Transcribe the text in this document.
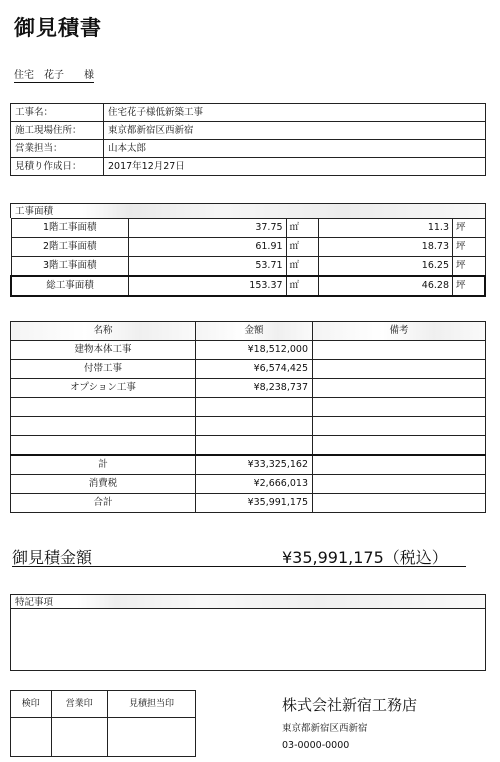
御見積書
住宅　花子　　様
工事名：	住宅花子様低新築工事
施工現場住所：	東京都新宿区西新宿
営業担当：	山本太郎
見積り作成日：	2017年12月27日
工事面積
1階工事面積	37.75	㎡	11.3	坪
2階工事面積	61.91	㎡	18.73	坪
3階工事面積	53.71	㎡	16.25	坪
総工事面積	153.37	㎡	46.28	坪
名称	金額	備考
建物本体工事	¥18,512,000	
付帯工事	¥6,574,425	
オプション工事	¥8,238,737	

計	¥33,325,162	
消費税	¥2,666,013	
合計	¥35,991,175	
御見積金額	¥35,991,175（税込）
特記事項
検印	営業印	見積担当印
			株式会社新宿工務店
東京都新宿区西新宿
03-0000-0000
